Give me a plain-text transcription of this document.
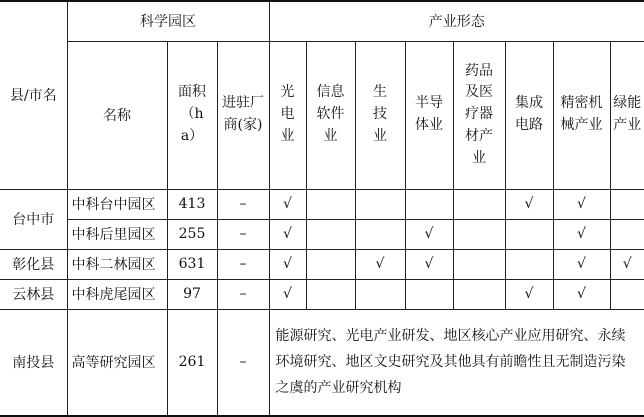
县/市名	科学园区			产业形态							
	名称	面积（ha）	进驻厂商(家)	光电业	信息软件业	生技业	半导体业	药品及医疗器材产业	集成电路	精密机械产业	绿能产业
台中市	中科台中园区	413	–	√					√	√	
	中科后里园区	255	–	√			√			√	
彰化县	中科二林园区	631	–	√		√	√			√	√
云林县	中科虎尾园区	97	–	√					√	√	
南投县	高等研究园区	261	–	能源研究、光电产业研发、地区核心产业应用研究、永续环境研究、地区文史研究及其他具有前瞻性且无制造污染之虞的产业研究机构							
